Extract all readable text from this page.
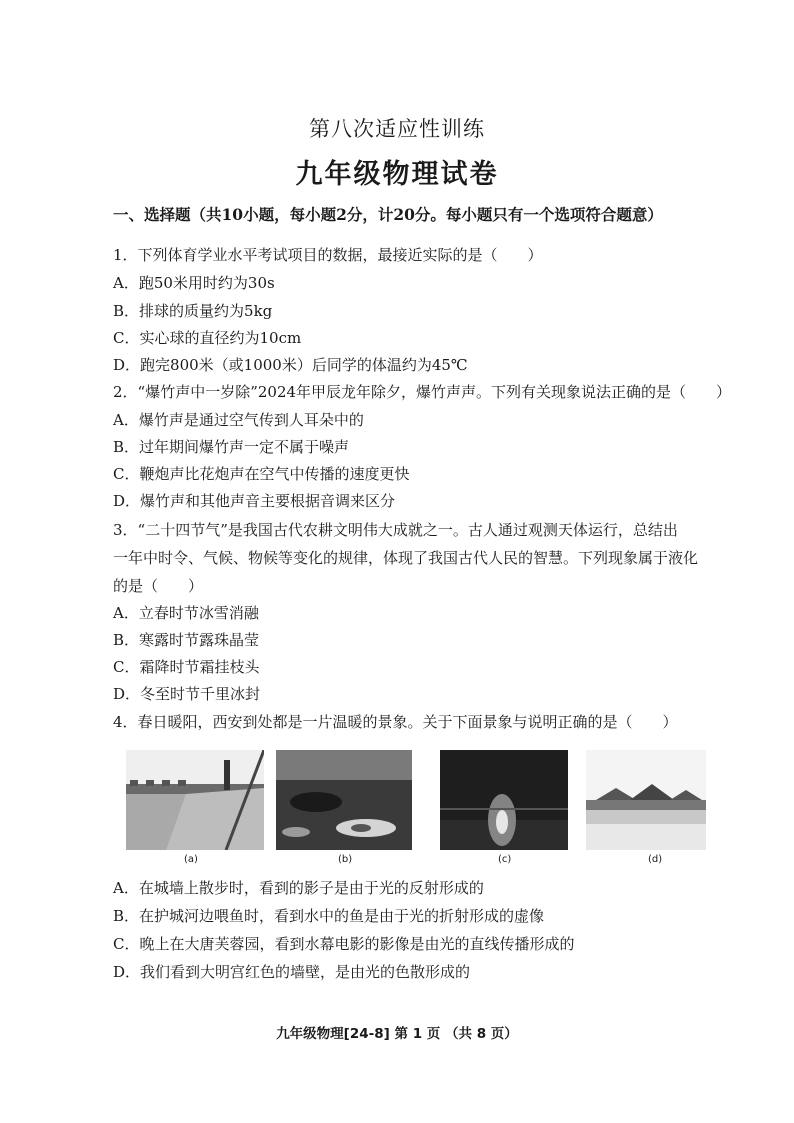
第八次适应性训练
九年级物理试卷
一、选择题（共10小题，每小题2分，计20分。每小题只有一个选项符合题意）
1．下列体育学业水平考试项目的数据，最接近实际的是（　　）
A．跑50米用时约为30s
B．排球的质量约为5kg
C．实心球的直径约为10cm
D．跑完800米（或1000米）后同学的体温约为45℃
2．“爆竹声中一岁除”2024年甲辰龙年除夕，爆竹声声。下列有关现象说法正确的是（　　）
A．爆竹声是通过空气传到人耳朵中的
B．过年期间爆竹声一定不属于噪声
C．鞭炮声比花炮声在空气中传播的速度更快
D．爆竹声和其他声音主要根据音调来区分
3．“二十四节气”是我国古代农耕文明伟大成就之一。古人通过观测天体运行，总结出
一年中时令、气候、物候等变化的规律，体现了我国古代人民的智慧。下列现象属于液化
的是（　　）
A．立春时节冰雪消融
B．寒露时节露珠晶莹
C．霜降时节霜挂枝头
D．冬至时节千里冰封
4．春日暖阳，西安到处都是一片温暖的景象。关于下面景象与说明正确的是（　　）
(a)	(b)	(c)	(d)
A．在城墙上散步时，看到的影子是由于光的反射形成的
B．在护城河边喂鱼时，看到水中的鱼是由于光的折射形成的虚像
C．晚上在大唐芙蓉园，看到水幕电影的影像是由光的直线传播形成的
D．我们看到大明宫红色的墙壁，是由光的色散形成的
九年级物理[24-8] 第 1 页 （共 8 页）
